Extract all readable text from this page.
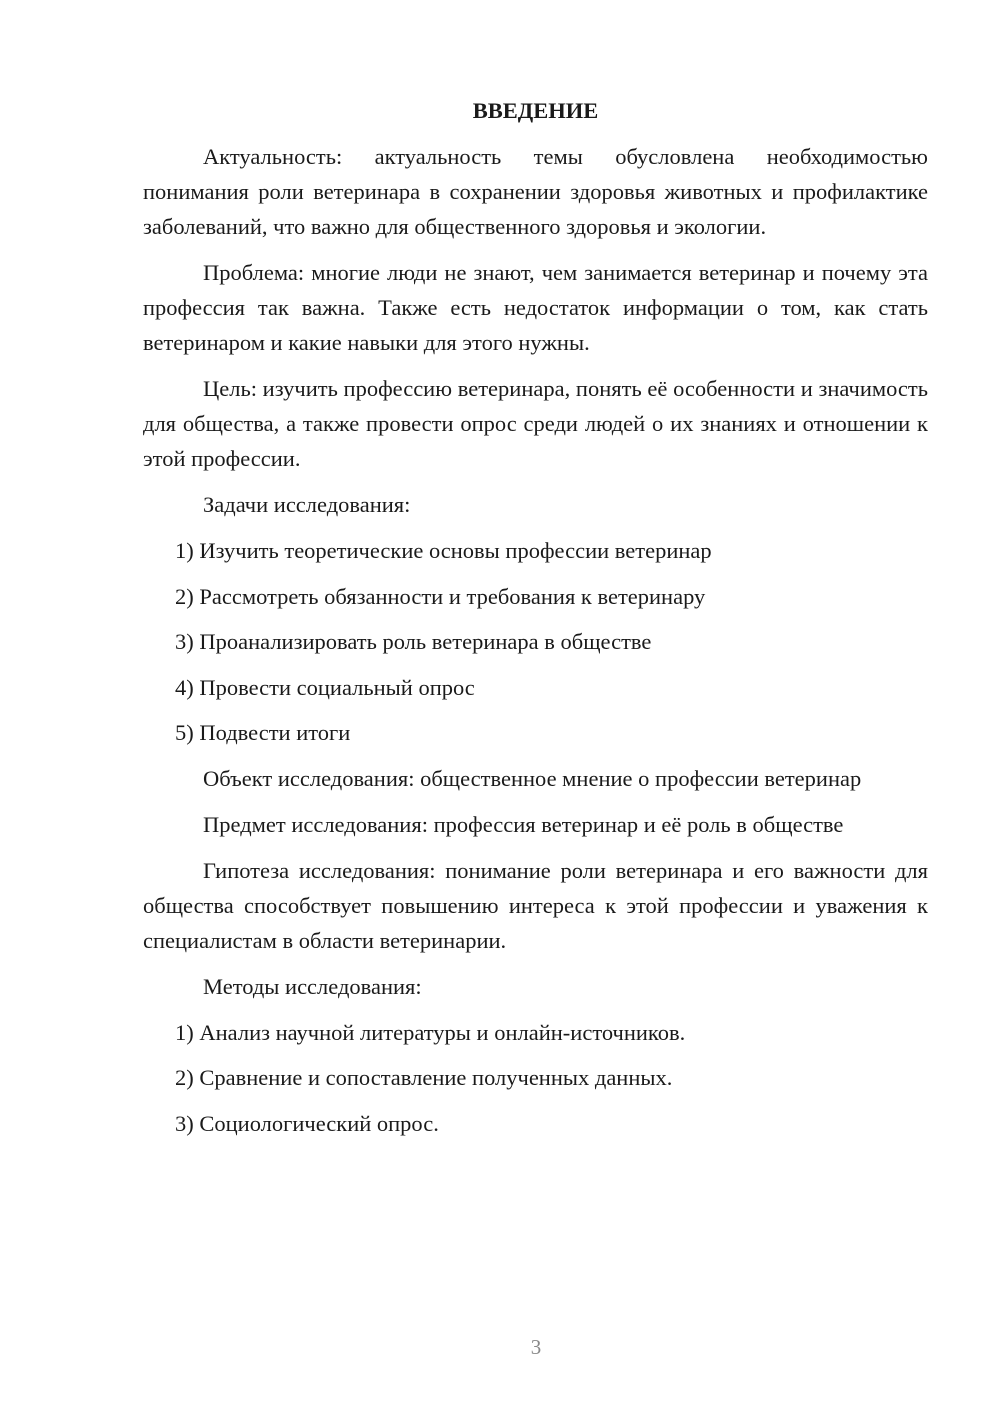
ВВЕДЕНИЕ

Актуальность: актуальность темы обусловлена необходимостью понимания роли ветеринара в сохранении здоровья животных и профилактике заболеваний, что важно для общественного здоровья и экологии.

Проблема: многие люди не знают, чем занимается ветеринар и почему эта профессия так важна. Также есть недостаток информации о том, как стать ветеринаром и какие навыки для этого нужны.

Цель: изучить профессию ветеринара, понять её особенности и значимость для общества, а также провести опрос среди людей о их знаниях и отношении к этой профессии.

Задачи исследования:

1) Изучить теоретические основы профессии ветеринар
2) Рассмотреть обязанности и требования к ветеринару
3) Проанализировать роль ветеринара в обществе
4) Провести социальный опрос
5) Подвести итоги

Объект исследования: общественное мнение о профессии ветеринар

Предмет исследования: профессия ветеринар и её роль в обществе

Гипотеза исследования: понимание роли ветеринара и его важности для общества способствует повышению интереса к этой профессии и уважения к специалистам в области ветеринарии.

Методы исследования:

1) Анализ научной литературы и онлайн-источников.
2) Сравнение и сопоставление полученных данных.
3) Социологический опрос.
3
